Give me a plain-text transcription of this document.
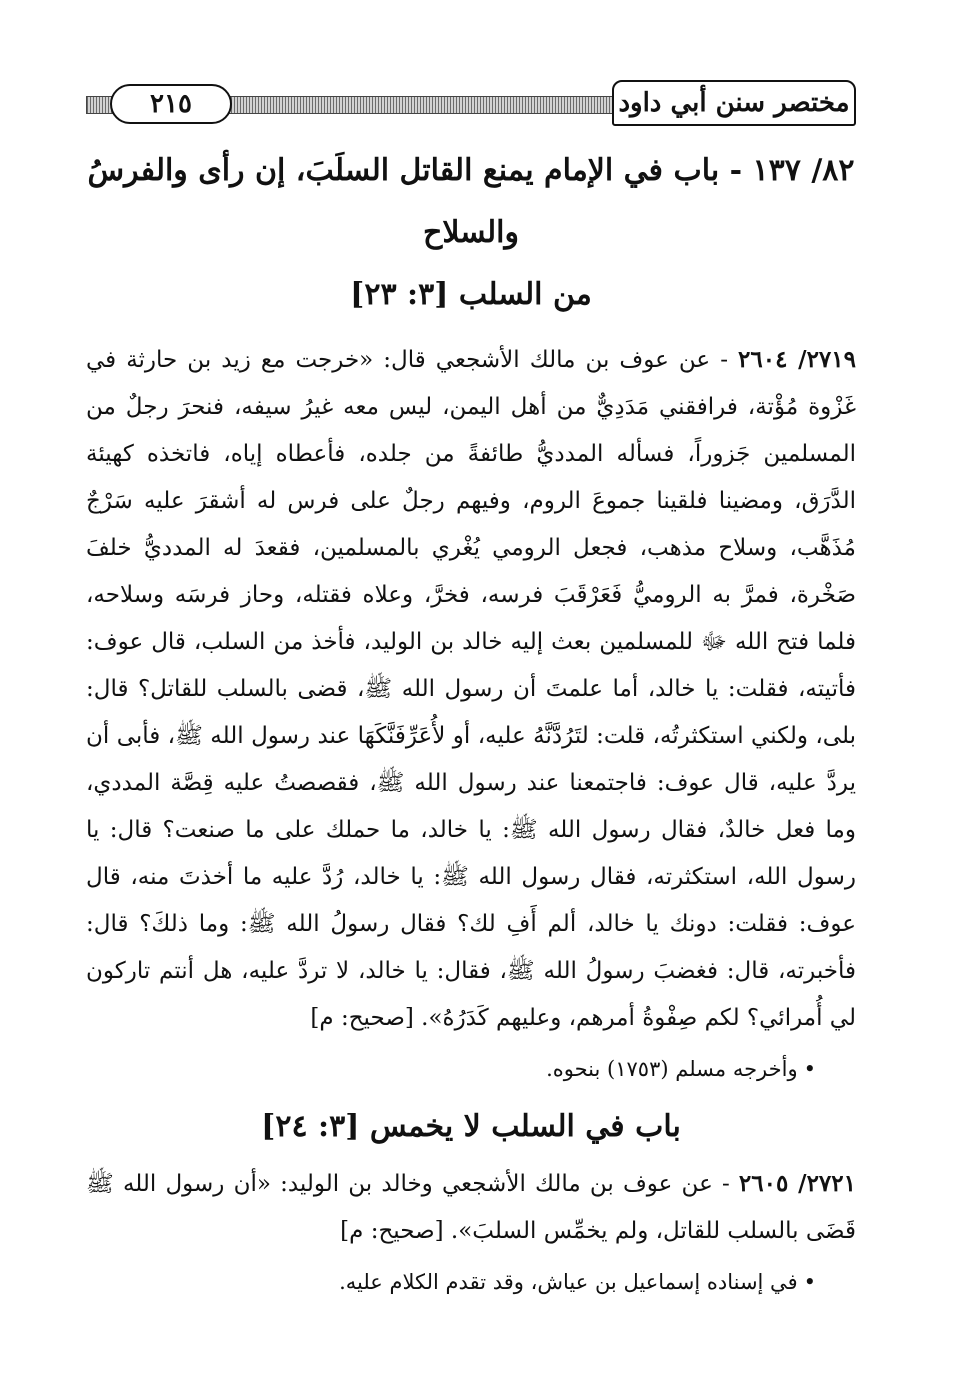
٢١٥	مختصر سنن أبي داود
٨٢/ ١٣٧ - باب في الإمام يمنع القاتل السلَبَ، إن رأى والفرسُ والسلاح
من السلب [٣: ٢٣]

٢٧١٩/ ٢٦٠٤ - عن عوف بن مالك الأشجعي قال: «خرجت مع زيد بن حارثة في غَزْوة مُؤْتة، فرافقني مَدَدِيٌّ من أهل اليمن، ليس معه غيرُ سيفه، فنحرَ رجلٌ من المسلمين جَزوراً، فسأله المدديُّ طائفةً من جلده، فأعطاه إياه، فاتخذه كهيئة الدَّرَق، ومضينا فلقينا جموعَ الروم، وفيهم رجلٌ على فرس له أشقرَ عليه سَرْجٌ مُذَهَّب، وسلاح مذهب، فجعل الرومي يُغْري بالمسلمين، فقعدَ له المدديُّ خلفَ صَخْرة، فمرَّ به الروميُّ فَعَرْقَبَ فرسه، فخرَّ، وعلاه فقتله، وحاز فرسَه وسلاحه، فلما فتح الله ﷻ للمسلمين بعث إليه خالد بن الوليد، فأخذ من السلب، قال عوف: فأتيته، فقلت: يا خالد، أما علمتَ أن رسول الله ﷺ، قضى بالسلب للقاتل؟ قال: بلى، ولكني استكثرتُه، قلت: لتَرُدَّنَّهُ عليه، أو لأُعَرِّفَنَّكَهَا عند رسول الله ﷺ، فأبى أن يردَّ عليه، قال عوف: فاجتمعنا عند رسول الله ﷺ، فقصصتُ عليه قِصَّة المددي، وما فعل خالدٌ، فقال رسول الله ﷺ: يا خالد، ما حملك على ما صنعت؟ قال: يا رسول الله، استكثرته، فقال رسول الله ﷺ: يا خالد، رُدَّ عليه ما أخذتَ منه، قال عوف: فقلت: دونك يا خالد، ألم أَفِ لك؟ فقال رسولُ الله ﷺ: وما ذلكَ؟ قال: فأخبرته، قال: فغضبَ رسولُ الله ﷺ، فقال: يا خالد، لا تردَّ عليه، هل أنتم تاركون لي أُمرائي؟ لكم صِفْوةُ أمرهم، وعليهم كَدَرُهُ». [صحيح: م]

•وأخرجه مسلم (١٧٥٣) بنحوه.

باب في السلب لا يخمس [٣: ٢٤]

٢٧٢١/ ٢٦٠٥ - عن عوف بن مالك الأشجعي وخالد بن الوليد: «أن رسول الله ﷺ قَضَى بالسلب للقاتل، ولم يخمِّس السلبَ». [صحيح: م]

•في إسناده إسماعيل بن عياش، وقد تقدم الكلام عليه.
